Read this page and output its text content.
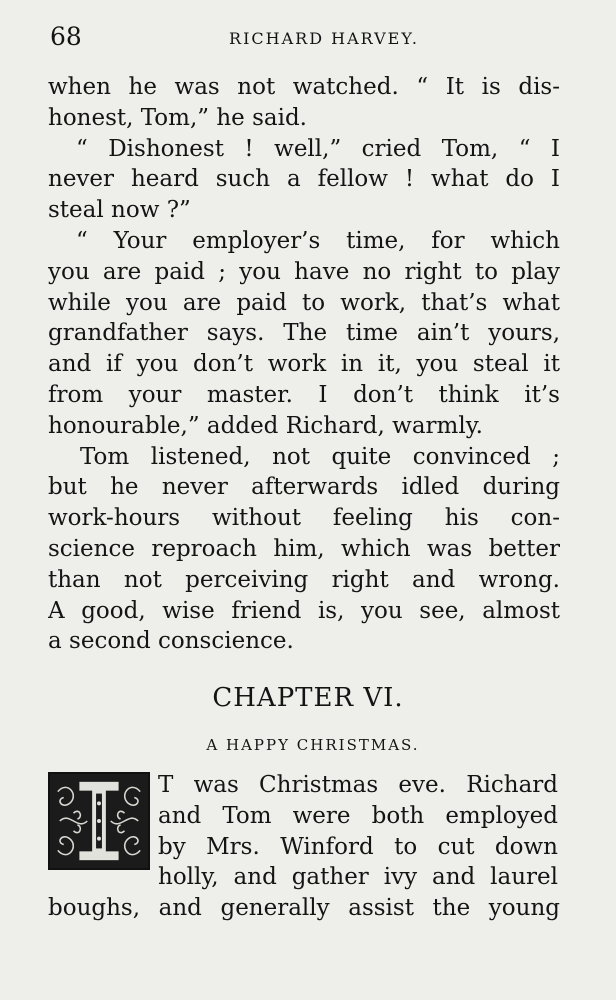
68	RICHARD HARVEY.
when he was not watched. “ It is dis-
honest, Tom,” he said.
“ Dishonest ! well,” cried Tom, “ I
never heard such a fellow ! what do I
steal now ?”
“ Your employer’s time, for which
you are paid ; you have no right to play
while you are paid to work, that’s what
grandfather says. The time ain’t yours,
and if you don’t work in it, you steal it
from your master. I don’t think it’s
honourable,” added Richard, warmly.
Tom listened, not quite convinced ;
but he never afterwards idled during
work-hours without feeling his con-
science reproach him, which was better
than not perceiving right and wrong.
A good, wise friend is, you see, almost
a second conscience.
CHAPTER VI.
A HAPPY CHRISTMAS.
T was Christmas eve. Richard
and Tom were both employed
by Mrs. Winford to cut down
holly, and gather ivy and laurel
boughs, and generally assist the young
